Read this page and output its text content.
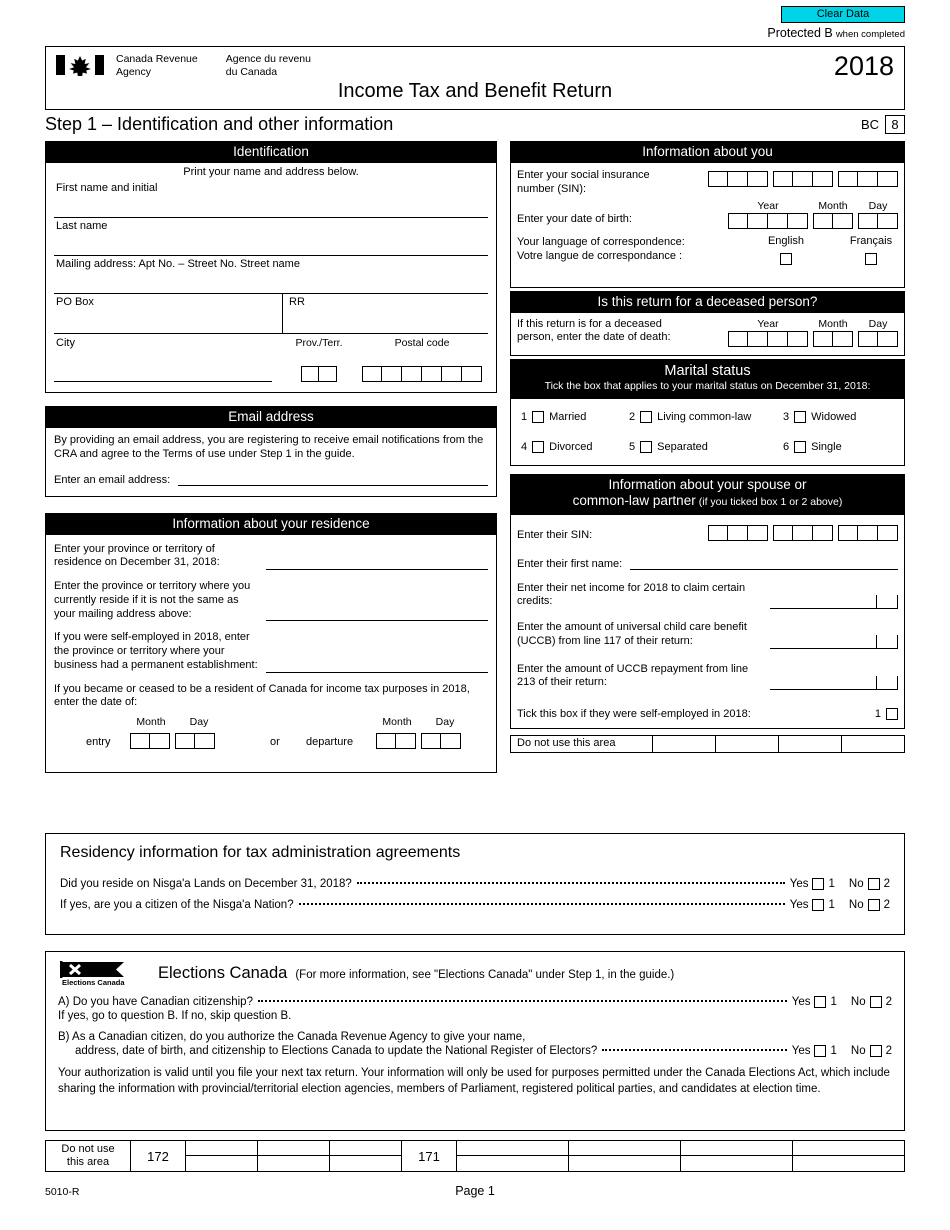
Clear Data
Protected B when completed
Canada Revenue
Agency
Agence du revenu
du Canada	2018
Income Tax and Benefit Return
Step 1 – Identification and other information	BC 8
Identification
Print your name and address below.
First name and initial
Last name
Mailing address: Apt No. – Street No. Street name
PO Box	RR
City	Prov./Terr.	Postal code
Email address
By providing an email address, you are registering to receive email notifications from the CRA and agree to the Terms of use under Step 1 in the guide.
Enter an email address:
Information about your residence
Enter your province or territory of residence on December 31, 2018:
Enter the province or territory where you currently reside if it is not the same as your mailing address above:
If you were self-employed in 2018, enter the province or territory where your business had a permanent establishment:
If you became or ceased to be a resident of Canada for income tax purposes in 2018, enter the date of:
Month	Day
entry	or departure
Month	Day
Information about you
Enter your social insurance number (SIN):
Year	Month	Day
Enter your date of birth:
Your language of correspondence:
Votre langue de correspondance :
English	Français
Is this return for a deceased person?
If this return is for a deceased person, enter the date of death:
Year	Month	Day
Marital status
Tick the box that applies to your marital status on December 31, 2018:
1 Married	2 Living common-law	3 Widowed
4 Divorced	5 Separated	6 Single
Information about your spouse or
common-law partner (if you ticked box 1 or 2 above)
Enter their SIN:
Enter their first name:
Enter their net income for 2018 to claim certain credits:
Enter the amount of universal child care benefit (UCCB) from line 117 of their return:
Enter the amount of UCCB repayment from line 213 of their return:
Tick this box if they were self-employed in 2018:	1
Do not use this area
Residency information for tax administration agreements
Did you reside on Nisga'a Lands on December 31, 2018?	Yes 1 No 2
If yes, are you a citizen of the Nisga'a Nation?	Yes 1 No 2
Elections Canada
Elections Canada (For more information, see "Elections Canada" under Step 1, in the guide.)
A) Do you have Canadian citizenship?	Yes 1 No 2
If yes, go to question B. If no, skip question B.
B) As a Canadian citizen, do you authorize the Canada Revenue Agency to give your name,
address, date of birth, and citizenship to Elections Canada to update the National Register of Electors?	Yes 1 No 2
Your authorization is valid until you file your next tax return. Your information will only be used for purposes permitted under the Canada Elections Act, which include sharing the information with provincial/territorial election agencies, members of Parliament, registered political parties, and candidates at election time.
Do not use
this area	172	171
5010-R	Page 1
